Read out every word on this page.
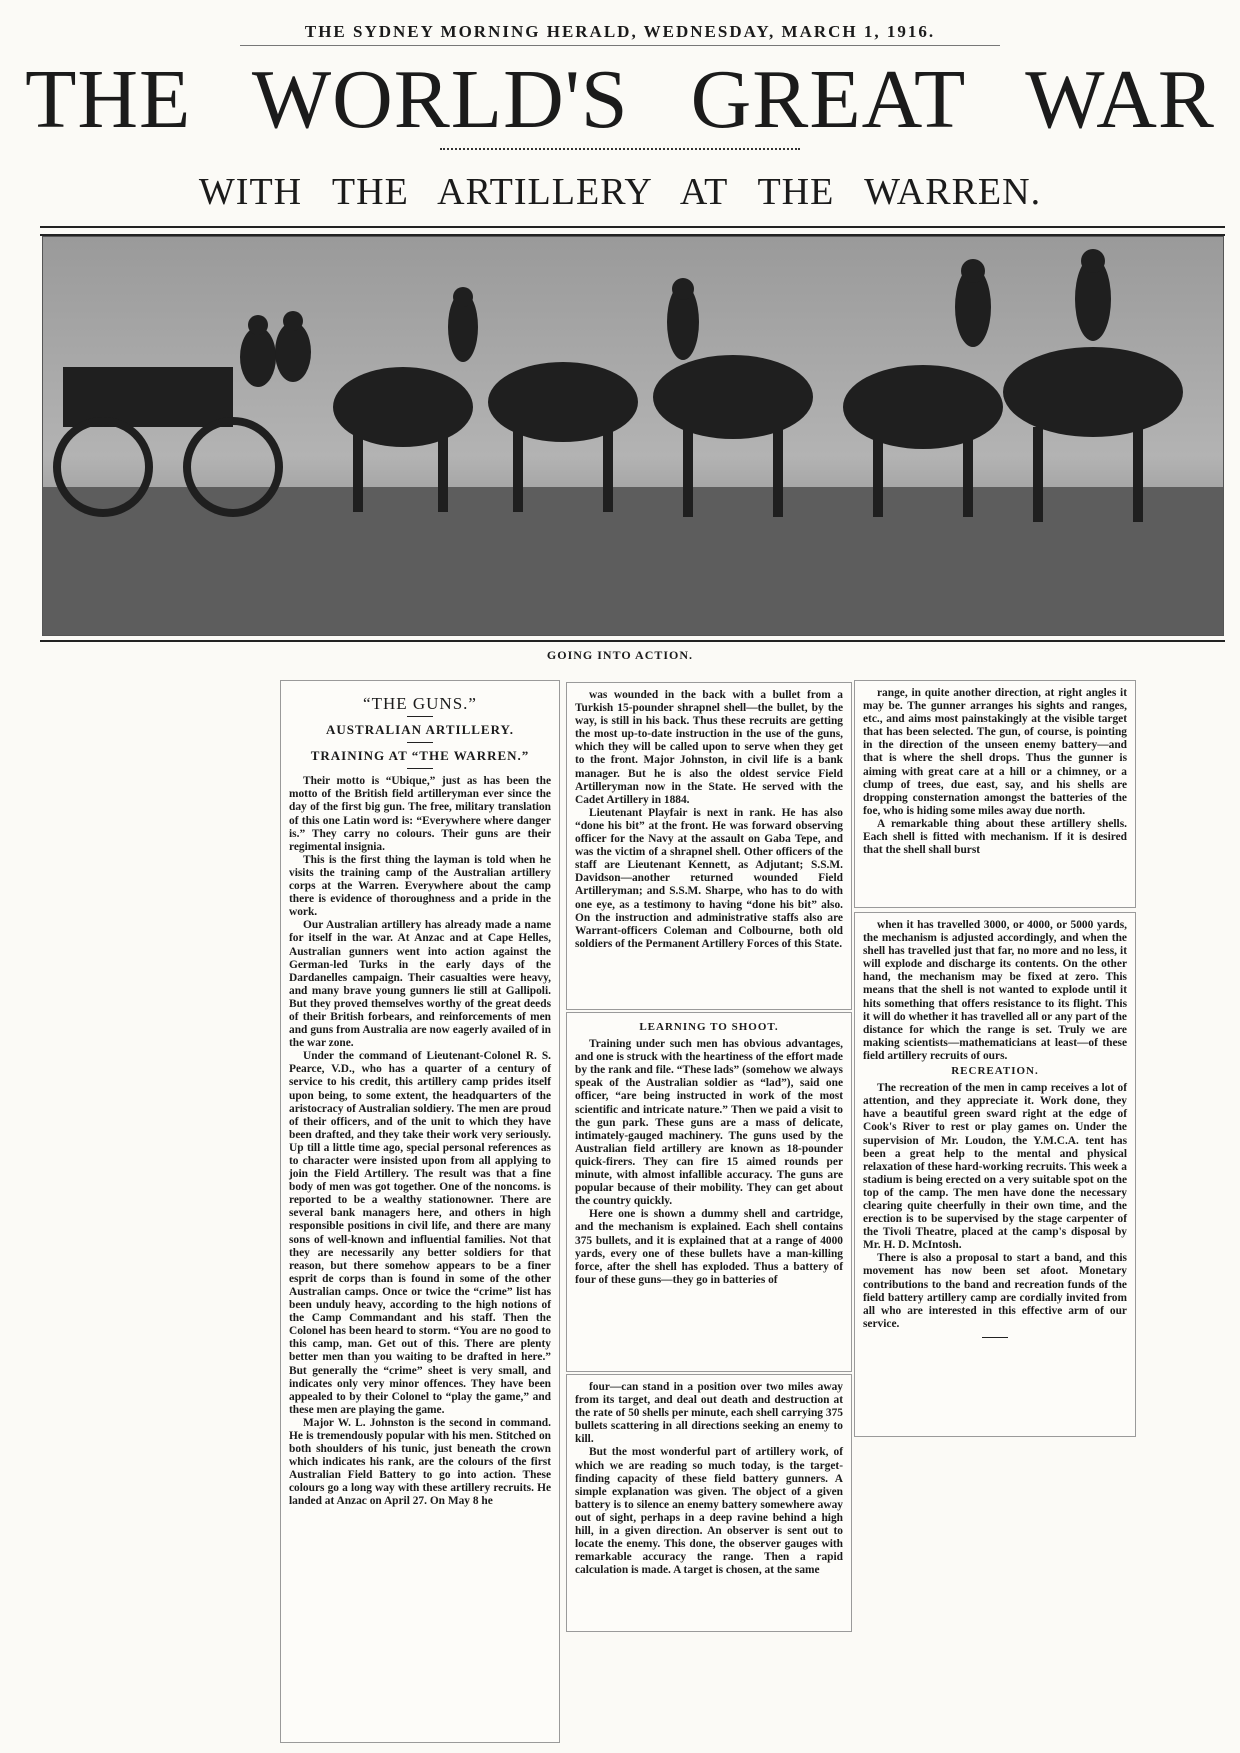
THE SYDNEY MORNING HERALD, WEDNESDAY, MARCH 1, 1916.
THE WORLD'S GREAT WAR
WITH THE ARTILLERY AT THE WARREN.
GOING INTO ACTION.
“THE GUNS.”
AUSTRALIAN ARTILLERY.
TRAINING AT “THE WARREN.”

Their motto is “Ubique,” just as has been the motto of the British field artilleryman ever since the day of the first big gun. The free, military translation of this one Latin word is: “Everywhere where danger is.” They carry no colours. Their guns are their regimental insignia.

This is the first thing the layman is told when he visits the training camp of the Australian artillery corps at the Warren. Everywhere about the camp there is evidence of thoroughness and a pride in the work.

Our Australian artillery has already made a name for itself in the war. At Anzac and at Cape Helles, Australian gunners went into action against the German-led Turks in the early days of the Dardanelles campaign. Their casualties were heavy, and many brave young gunners lie still at Gallipoli. But they proved themselves worthy of the great deeds of their British forbears, and reinforcements of men and guns from Australia are now eagerly availed of in the war zone.

Under the command of Lieutenant-Colonel R. S. Pearce, V.D., who has a quarter of a century of service to his credit, this artillery camp prides itself upon being, to some extent, the headquarters of the aristocracy of Australian soldiery. The men are proud of their officers, and of the unit to which they have been drafted, and they take their work very seriously. Up till a little time ago, special personal references as to character were insisted upon from all applying to join the Field Artillery. The result was that a fine body of men was got together. One of the noncoms. is reported to be a wealthy stationowner. There are several bank managers here, and others in high responsible positions in civil life, and there are many sons of well-known and influential families. Not that they are necessarily any better soldiers for that reason, but there somehow appears to be a finer esprit de corps than is found in some of the other Australian camps. Once or twice the “crime” list has been unduly heavy, according to the high notions of the Camp Commandant and his staff. Then the Colonel has been heard to storm. “You are no good to this camp, man. Get out of this. There are plenty better men than you waiting to be drafted in here.” But generally the “crime” sheet is very small, and indicates only very minor offences. They have been appealed to by their Colonel to “play the game,” and these men are playing the game.

Major W. L. Johnston is the second in command. He is tremendously popular with his men. Stitched on both shoulders of his tunic, just beneath the crown which indicates his rank, are the colours of the first Australian Field Battery to go into action. These colours go a long way with these artillery recruits. He landed at Anzac on April 27. On May 8 he

was wounded in the back with a bullet from a Turkish 15-pounder shrapnel shell—the bullet, by the way, is still in his back. Thus these recruits are getting the most up-to-date instruction in the use of the guns, which they will be called upon to serve when they get to the front. Major Johnston, in civil life is a bank manager. But he is also the oldest service Field Artilleryman now in the State. He served with the Cadet Artillery in 1884.

Lieutenant Playfair is next in rank. He has also “done his bit” at the front. He was forward observing officer for the Navy at the assault on Gaba Tepe, and was the victim of a shrapnel shell. Other officers of the staff are Lieutenant Kennett, as Adjutant; S.S.M. Davidson—another returned wounded Field Artilleryman; and S.S.M. Sharpe, who has to do with one eye, as a testimony to having “done his bit” also. On the instruction and administrative staffs also are Warrant-officers Coleman and Colbourne, both old soldiers of the Permanent Artillery Forces of this State.

LEARNING TO SHOOT.

Training under such men has obvious advantages, and one is struck with the heartiness of the effort made by the rank and file. “These lads” (somehow we always speak of the Australian soldier as “lad”), said one officer, “are being instructed in work of the most scientific and intricate nature.” Then we paid a visit to the gun park. These guns are a mass of delicate, intimately-gauged machinery. The guns used by the Australian field artillery are known as 18-pounder quick-firers. They can fire 15 aimed rounds per minute, with almost infallible accuracy. The guns are popular because of their mobility. They can get about the country quickly.

Here one is shown a dummy shell and cartridge, and the mechanism is explained. Each shell contains 375 bullets, and it is explained that at a range of 4000 yards, every one of these bullets have a man-killing force, after the shell has exploded. Thus a battery of four of these guns—they go in batteries of

four—can stand in a position over two miles away from its target, and deal out death and destruction at the rate of 50 shells per minute, each shell carrying 375 bullets scattering in all directions seeking an enemy to kill.

But the most wonderful part of artillery work, of which we are reading so much today, is the target-finding capacity of these field battery gunners. A simple explanation was given. The object of a given battery is to silence an enemy battery somewhere away out of sight, perhaps in a deep ravine behind a high hill, in a given direction. An observer is sent out to locate the enemy. This done, the observer gauges with remarkable accuracy the range. Then a rapid calculation is made. A target is chosen, at the same

range, in quite another direction, at right angles it may be. The gunner arranges his sights and ranges, etc., and aims most painstakingly at the visible target that has been selected. The gun, of course, is pointing in the direction of the unseen enemy battery—and that is where the shell drops. Thus the gunner is aiming with great care at a hill or a chimney, or a clump of trees, due east, say, and his shells are dropping consternation amongst the batteries of the foe, who is hiding some miles away due north.

A remarkable thing about these artillery shells. Each shell is fitted with mechanism. If it is desired that the shell shall burst

when it has travelled 3000, or 4000, or 5000 yards, the mechanism is adjusted accordingly, and when the shell has travelled just that far, no more and no less, it will explode and discharge its contents. On the other hand, the mechanism may be fixed at zero. This means that the shell is not wanted to explode until it hits something that offers resistance to its flight. This it will do whether it has travelled all or any part of the distance for which the range is set. Truly we are making scientists—mathematicians at least—of these field artillery recruits of ours.

RECREATION.

The recreation of the men in camp receives a lot of attention, and they appreciate it. Work done, they have a beautiful green sward right at the edge of Cook's River to rest or play games on. Under the supervision of Mr. Loudon, the Y.M.C.A. tent has been a great help to the mental and physical relaxation of these hard-working recruits. This week a stadium is being erected on a very suitable spot on the top of the camp. The men have done the necessary clearing quite cheerfully in their own time, and the erection is to be supervised by the stage carpenter of the Tivoli Theatre, placed at the camp's disposal by Mr. H. D. McIntosh.

There is also a proposal to start a band, and this movement has now been set afoot. Monetary contributions to the band and recreation funds of the field battery artillery camp are cordially invited from all who are interested in this effective arm of our service.
